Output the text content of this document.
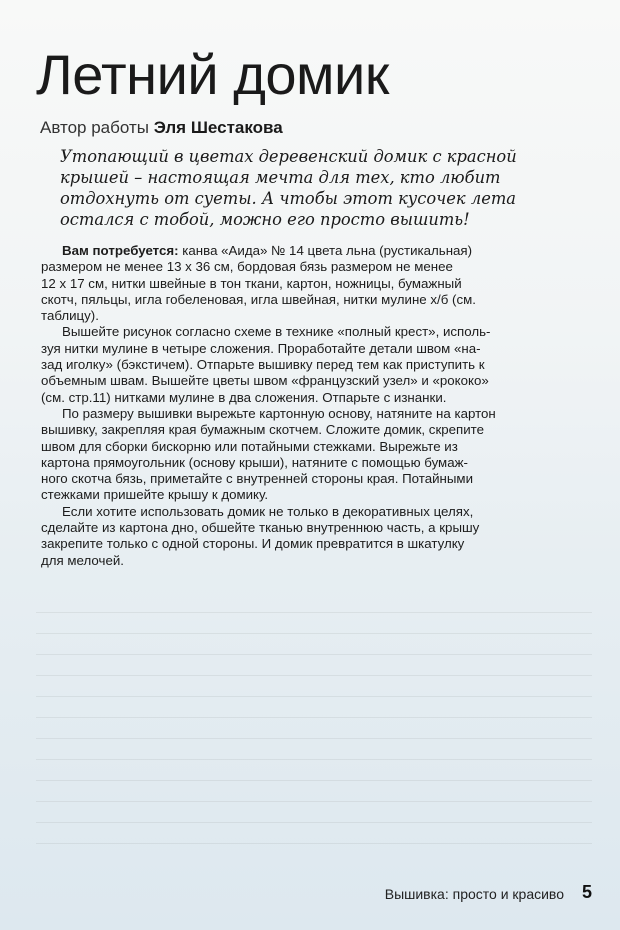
Летний домик
Автор работы Эля Шестакова

Утопающий в цветах деревенский домик с красной

крышей – настоящая мечта для тех, кто любит

отдохнуть от суеты. А чтобы этот кусочек лета

остался с тобой, можно его просто вышить!

Вам потребуется: канва «Аида» № 14 цвета льна (рустикальная)

размером не менее 13 х 36 см, бордовая бязь размером не менее

12 х 17 см, нитки швейные в тон ткани, картон, ножницы, бумажный

скотч, пяльцы, игла гобеленовая, игла швейная, нитки мулине х/б (см.

таблицу).

Вышейте рисунок согласно схеме в технике «полный крест», исполь-

зуя нитки мулине в четыре сложения. Проработайте детали швом «на-

зад иголку» (бэкстичем). Отпарьте вышивку перед тем как приступить к

объемным швам. Вышейте цветы швом «французский узел» и «рококо»

(см. стр.11) нитками мулине в два сложения. Отпарьте с изнанки.

По размеру вышивки вырежьте картонную основу, натяните на картон

вышивку, закрепляя края бумажным скотчем. Сложите домик, скрепите

швом для сборки бискорню или потайными стежками. Вырежьте из

картона прямоугольник (основу крыши), натяните с помощью бумаж-

ного скотча бязь, приметайте с внутренней стороны края. Потайными

стежками пришейте крышу к домику.

Если хотите использовать домик не только в декоративных целях,

сделайте из картона дно, обшейте тканью внутреннюю часть, а крышу

закрепите только с одной стороны. И домик превратится в шкатулку

для мелочей.

Вышивка: просто и красиво 5
